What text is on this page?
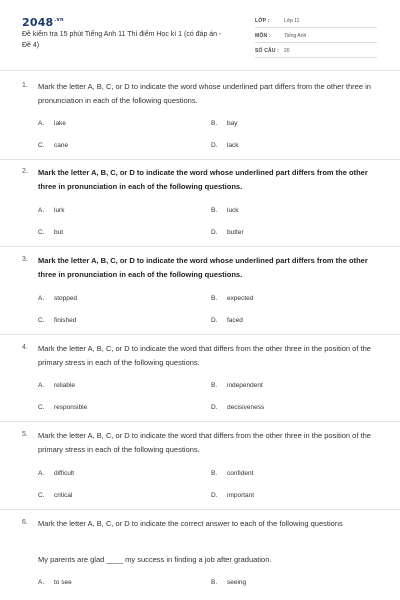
$2048^{.vn}$
Đề kiểm tra 15 phút Tiếng Anh 11 Thí điểm Học kì 1 (có đáp án - Đề 4)
LỚP :	Lớp 11
MÔN :	Tiếng Anh
SỐ CÂU : 20
1. Mark the letter A, B, C, or D to indicate the word whose underlined part differs from the other three in pronunciation in each of the following questions.
A. lake	B. bay
C. cane	D. lack
2. Mark the letter A, B, C, or D to indicate the word whose underlined part differs from the other three in pronunciation in each of the following questions.
A. lurk	B. luck
C. but	D. butter
3. Mark the letter A, B, C, or D to indicate the word whose underlined part differs from the other three in pronunciation in each of the following questions.
A. stopped	B. expected
C. finished	D. faced
4. Mark the letter A, B, C, or D to indicate the word that differs from the other three in the position of the primary stress in each of the following questions.
A. reliable	B. independent
C. responsible	D. decisiveness
5. Mark the letter A, B, C, or D to indicate the word that differs from the other three in the position of the primary stress in each of the following questions.
A. difficult	B. confident
C. critical	D. important
6. Mark the letter A, B, C, or D to indicate the correct answer to each of the following questions
My parents are glad ____ my success in finding a job after graduation.
A. to see	B. seeing
